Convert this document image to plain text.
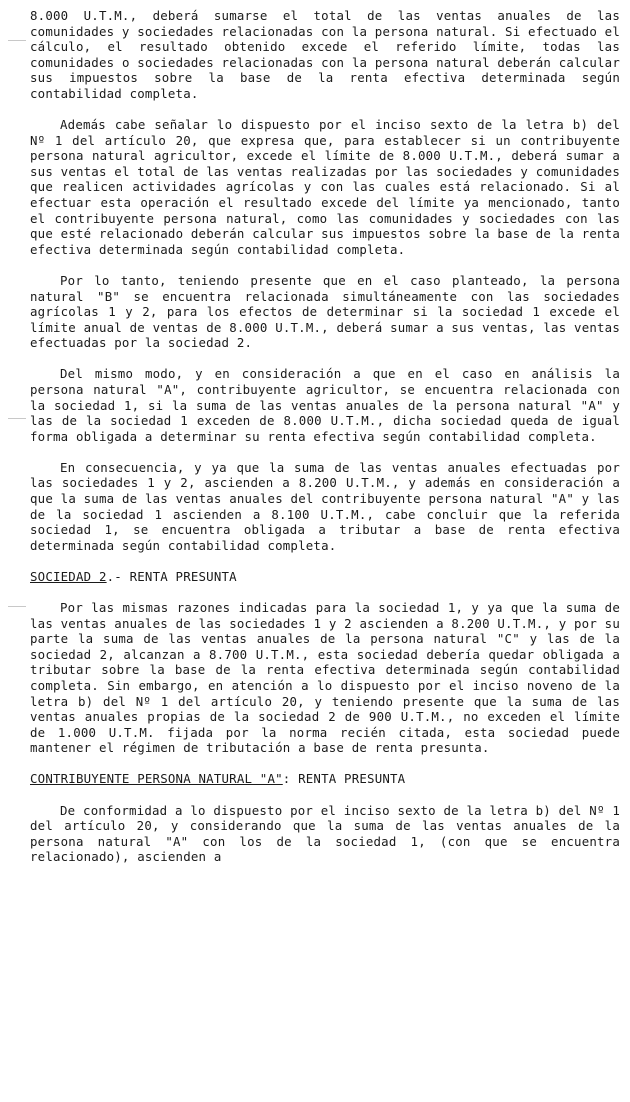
8.000 U.T.M., deberá sumarse el total de las ventas anuales de las comunidades y sociedades relacionadas con la persona natural. Si efectuado el cálculo, el resultado obtenido excede el referido límite, todas las comunidades o sociedades relacionadas con la persona natural deberán calcular sus impuestos sobre la base de la renta efectiva determinada según contabilidad completa.

Además cabe señalar lo dispuesto por el inciso sexto de la letra b) del Nº 1 del artículo 20, que expresa que, para establecer si un contribuyente persona natural agricultor, excede el límite de 8.000 U.T.M., deberá sumar a sus ventas el total de las ventas realizadas por las sociedades y comunidades que realicen actividades agrícolas y con las cuales está relacionado. Si al efectuar esta operación el resultado excede del límite ya mencionado, tanto el contribuyente persona natural, como las comunidades y sociedades con las que esté relacionado deberán calcular sus impuestos sobre la base de la renta efectiva determinada según contabilidad completa.

Por lo tanto, teniendo presente que en el caso planteado, la persona natural "B" se encuentra relacionada simultáneamente con las sociedades agrícolas 1 y 2, para los efectos de determinar si la sociedad 1 excede el límite anual de ventas de 8.000 U.T.M., deberá sumar a sus ventas, las ventas efectuadas por la sociedad 2.

Del mismo modo, y en consideración a que en el caso en análisis la persona natural "A", contribuyente agricultor, se encuentra relacionada con la sociedad 1, si la suma de las ventas anuales de la persona natural "A" y las de la sociedad 1 exceden de 8.000 U.T.M., dicha sociedad queda de igual forma obligada a determinar su renta efectiva según contabilidad completa.

En consecuencia, y ya que la suma de las ventas anuales efectuadas por las sociedades 1 y 2, ascienden a 8.200 U.T.M., y además en consideración a que la suma de las ventas anuales del contribuyente persona natural "A" y las de la sociedad 1 ascienden a 8.100 U.T.M., cabe concluir que la referida sociedad 1, se encuentra obligada a tributar a base de renta efectiva determinada según contabilidad completa.

SOCIEDAD 2.- RENTA PRESUNTA

Por las mismas razones indicadas para la sociedad 1, y ya que la suma de las ventas anuales de las sociedades 1 y 2 ascienden a 8.200 U.T.M., y por su parte la suma de las ventas anuales de la persona natural "C" y las de la sociedad 2, alcanzan a 8.700 U.T.M., esta sociedad debería quedar obligada a tributar sobre la base de la renta efectiva determinada según contabilidad completa. Sin embargo, en atención a lo dispuesto por el inciso noveno de la letra b) del Nº 1 del artículo 20, y teniendo presente que la suma de las ventas anuales propias de la sociedad 2 de 900 U.T.M., no exceden el límite de 1.000 U.T.M. fijada por la norma recién citada, esta sociedad puede mantener el régimen de tributación a base de renta presunta.

CONTRIBUYENTE PERSONA NATURAL "A": RENTA PRESUNTA

De conformidad a lo dispuesto por el inciso sexto de la letra b) del Nº 1 del artículo 20, y considerando que la suma de las ventas anuales de la persona natural "A" con los de la sociedad 1, (con que se encuentra relacionado), ascienden a
